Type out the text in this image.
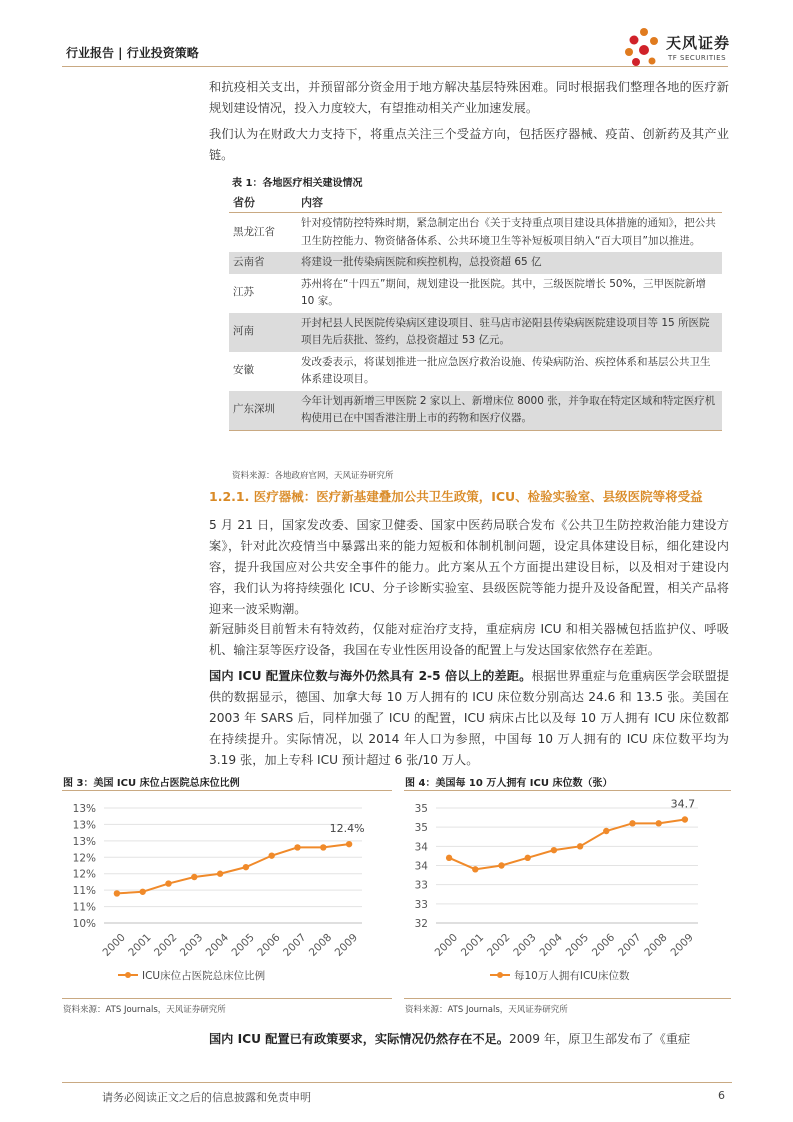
行业报告 | 行业投资策略
天风证券
TF SECURITIES
和抗疫相关支出，并预留部分资金用于地方解决基层特殊困难。同时根据我们整理各地的医疗新规划建设情况，投入力度较大，有望推动相关产业加速发展。
我们认为在财政大力支持下，将重点关注三个受益方向，包括医疗器械、疫苗、创新药及其产业链。
表 1：各地医疗相关建设情况
省份	内容
黑龙江省	针对疫情防控特殊时期，紧急制定出台《关于支持重点项目建设具体措施的通知》，把公共卫生防控能力、物资储备体系、公共环境卫生等补短板项目纳入“百大项目”加以推进。
云南省	将建设一批传染病医院和疾控机构，总投资超 65 亿
江苏	苏州将在“十四五”期间，规划建设一批医院。其中，三级医院增长 50%，三甲医院新增 10 家。
河南	开封杞县人民医院传染病区建设项目、驻马店市泌阳县传染病医院建设项目等 15 所医院项目先后获批、签约，总投资超过 53 亿元。
安徽	发改委表示，将谋划推进一批应急医疗救治设施、传染病防治、疾控体系和基层公共卫生体系建设项目。
广东深圳	今年计划再新增三甲医院 2 家以上、新增床位 8000 张，并争取在特定区域和特定医疗机构使用已在中国香港注册上市的药物和医疗仪器。
资料来源：各地政府官网，天风证券研究所
1.2.1. 医疗器械：医疗新基建叠加公共卫生政策，ICU、检验实验室、县级医院等将受益
5 月 21 日，国家发改委、国家卫健委、国家中医药局联合发布《公共卫生防控救治能力建设方案》，针对此次疫情当中暴露出来的能力短板和体制机制问题，设定具体建设目标，细化建设内容，提升我国应对公共安全事件的能力。此方案从五个方面提出建设目标，以及相对于建设内容，我们认为将持续强化 ICU、分子诊断实验室、县级医院等能力提升及设备配置，相关产品将迎来一波采购潮。
新冠肺炎目前暂未有特效药，仅能对症治疗支持，重症病房 ICU 和相关器械包括监护仪、呼吸机、输注泵等医疗设备，我国在专业性医用设备的配置上与发达国家依然存在差距。
国内 ICU 配置床位数与海外仍然具有 2-5 倍以上的差距。根据世界重症与危重病医学会联盟提供的数据显示，德国、加拿大每 10 万人拥有的 ICU 床位数分别高达 24.6 和 13.5 张。美国在 2003 年 SARS 后，同样加强了 ICU 的配置，ICU 病床占比以及每 10 万人拥有 ICU 床位数都在持续提升。实际情况，以 2014 年人口为参照，中国每 10 万人拥有的 ICU 床位数平均为 3.19 张，加上专科 ICU 预计超过 6 张/10 万人。
图 3：美国 ICU 床位占医院总床位比例	图 4：美国每 10 万人拥有 ICU 床位数（张）
10%
11%
11%
12%
12%
13%
13%
13%
2000
2001
2002
2003
2004
2005
2006
2007
2008
2009
12.4%
ICU床位占医院总床位比例
32
33
33
34
34
35
35
2000
2001
2002
2003
2004
2005
2006
2007
2008
2009
34.7
每10万人拥有ICU床位数
资料来源：ATS Journals，天风证券研究所	资料来源：ATS Journals，天风证券研究所
国内 ICU 配置已有政策要求，实际情况仍然存在不足。2009 年，原卫生部发布了《重症
请务必阅读正文之后的信息披露和免责申明	6
